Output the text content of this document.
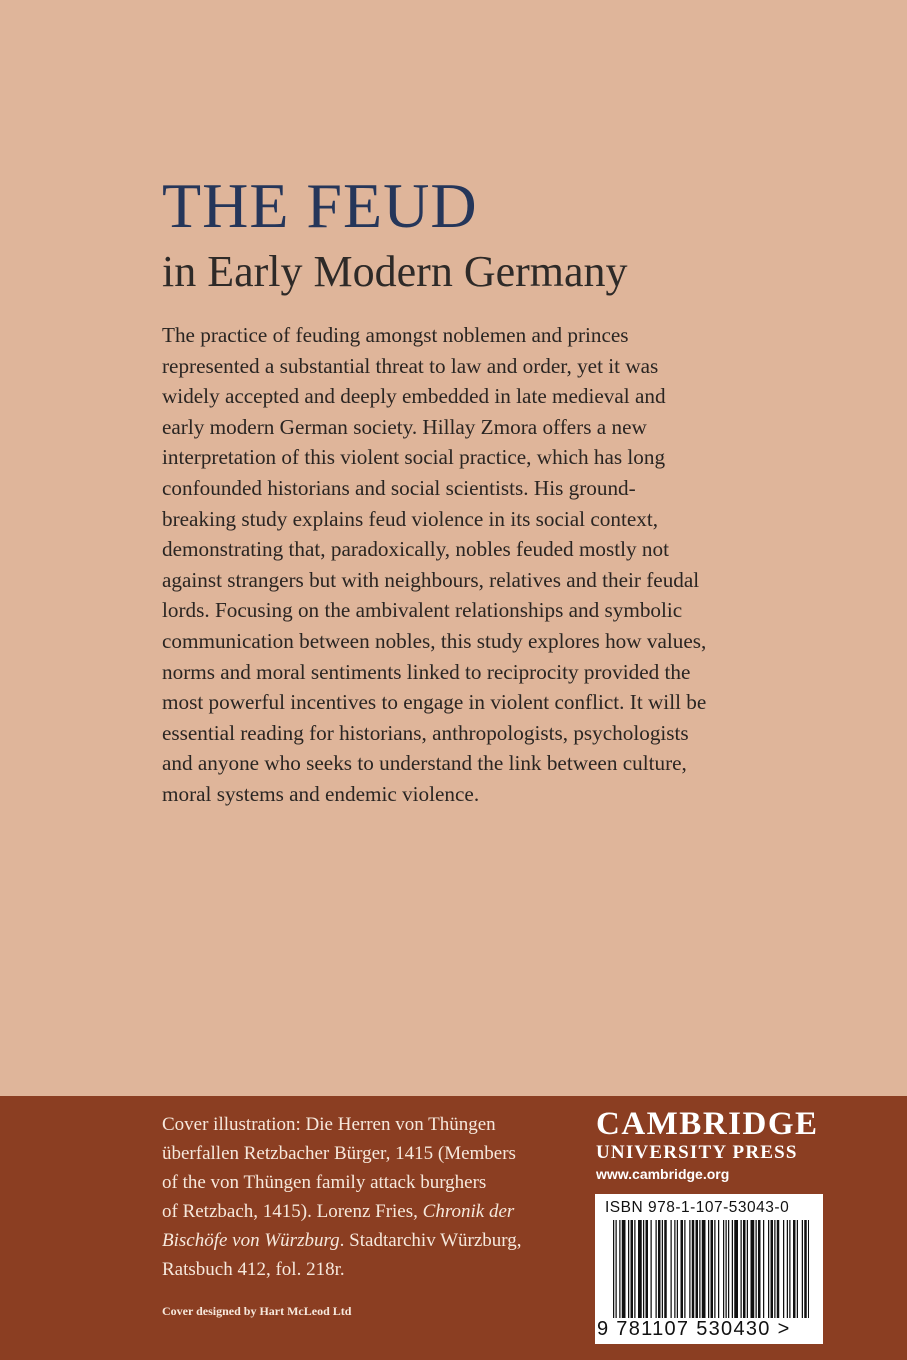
THE FEUD
in Early Modern Germany
The practice of feuding amongst noblemen and princes
represented a substantial threat to law and order, yet it was
widely accepted and deeply embedded in late medieval and
early modern German society. Hillay Zmora offers a new
interpretation of this violent social practice, which has long
confounded historians and social scientists. His ground-
breaking study explains feud violence in its social context,
demonstrating that, paradoxically, nobles feuded mostly not
against strangers but with neighbours, relatives and their feudal
lords. Focusing on the ambivalent relationships and symbolic
communication between nobles, this study explores how values,
norms and moral sentiments linked to reciprocity provided the
most powerful incentives to engage in violent conflict. It will be
essential reading for historians, anthropologists, psychologists
and anyone who seeks to understand the link between culture,
moral systems and endemic violence.
Cover illustration: Die Herren von Thüngen
überfallen Retzbacher Bürger, 1415 (Members
of the von Thüngen family attack burghers
of Retzbach, 1415). Lorenz Fries, Chronik der
Bischöfe von Würzburg. Stadtarchiv Würzburg,
Ratsbuch 412, fol. 218r.
Cover designed by Hart McLeod Ltd
CAMBRIDGE
UNIVERSITY PRESS
www.cambridge.org
ISBN 978-1-107-53043-0
9 781107 530430 >
